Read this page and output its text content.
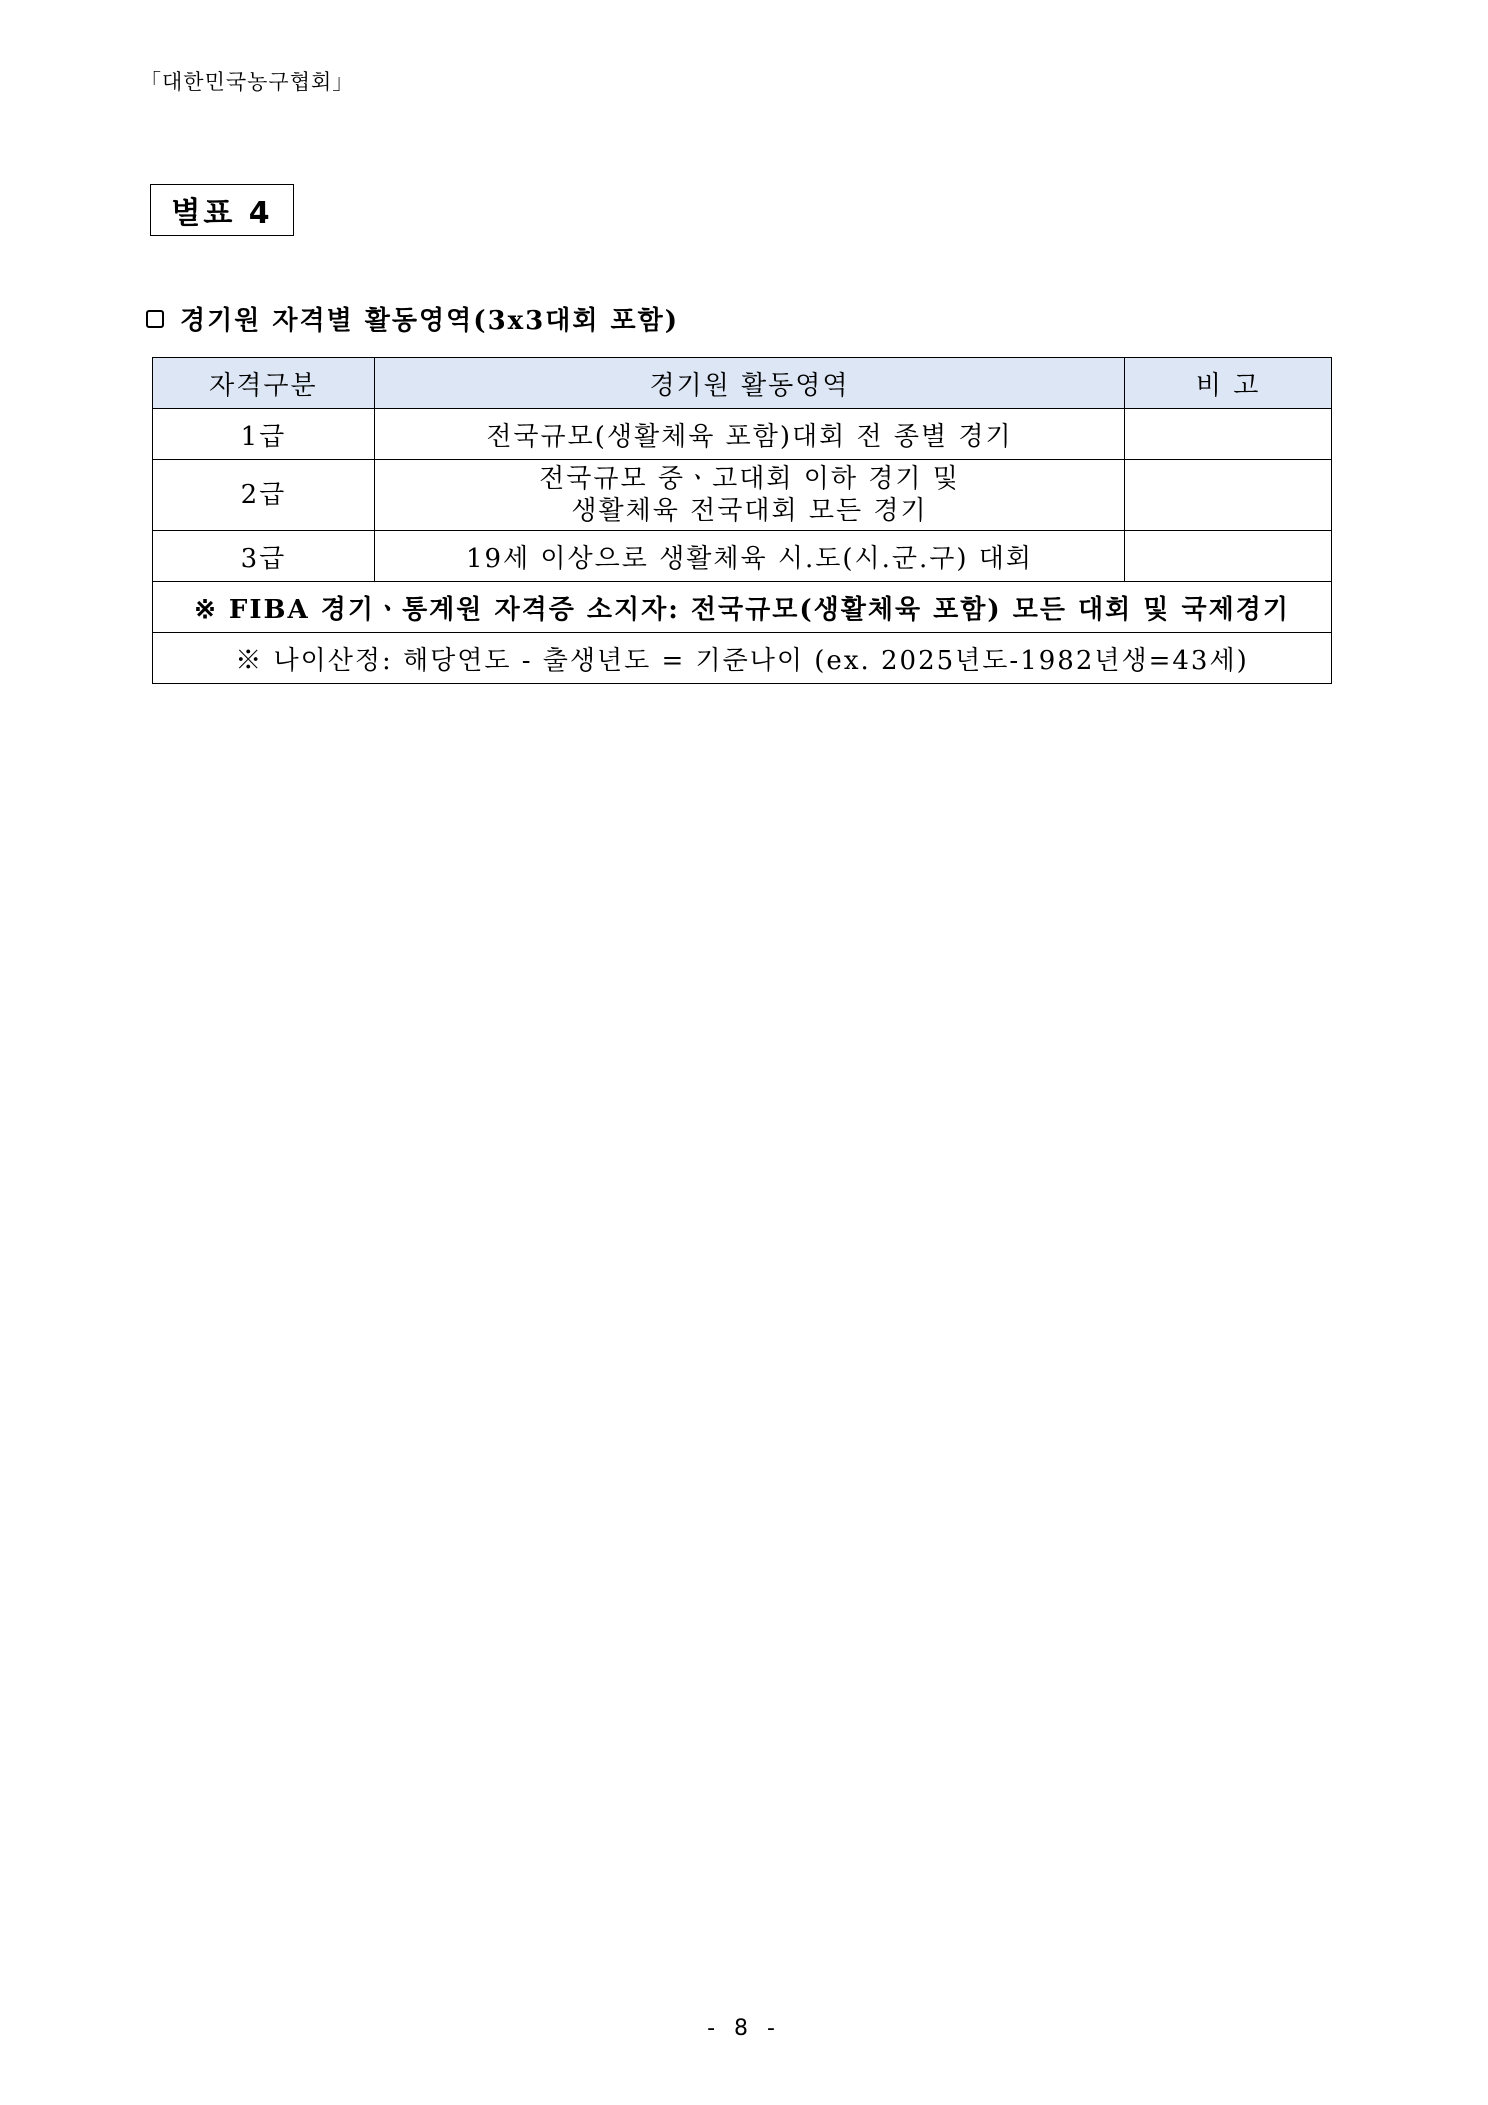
「대한민국농구협회」
별표 4
경기원 자격별 활동영역(3x3대회 포함)
자격구분	경기원 활동영역	비 고
1급	전국규모(생활체육 포함)대회 전 종별 경기	
2급	전국규모 중ㆍ고대회 이하 경기 및
생활체육 전국대회 모든 경기	

3급	19세 이상으로 생활체육 시.도(시.군.구) 대회	
※ FIBA 경기ㆍ통계원 자격증 소지자: 전국규모(생활체육 포함) 모든 대회 및 국제경기		
※ 나이산정: 해당연도 - 출생년도 = 기준나이 (ex. 2025년도-1982년생=43세)		
- 8 -
